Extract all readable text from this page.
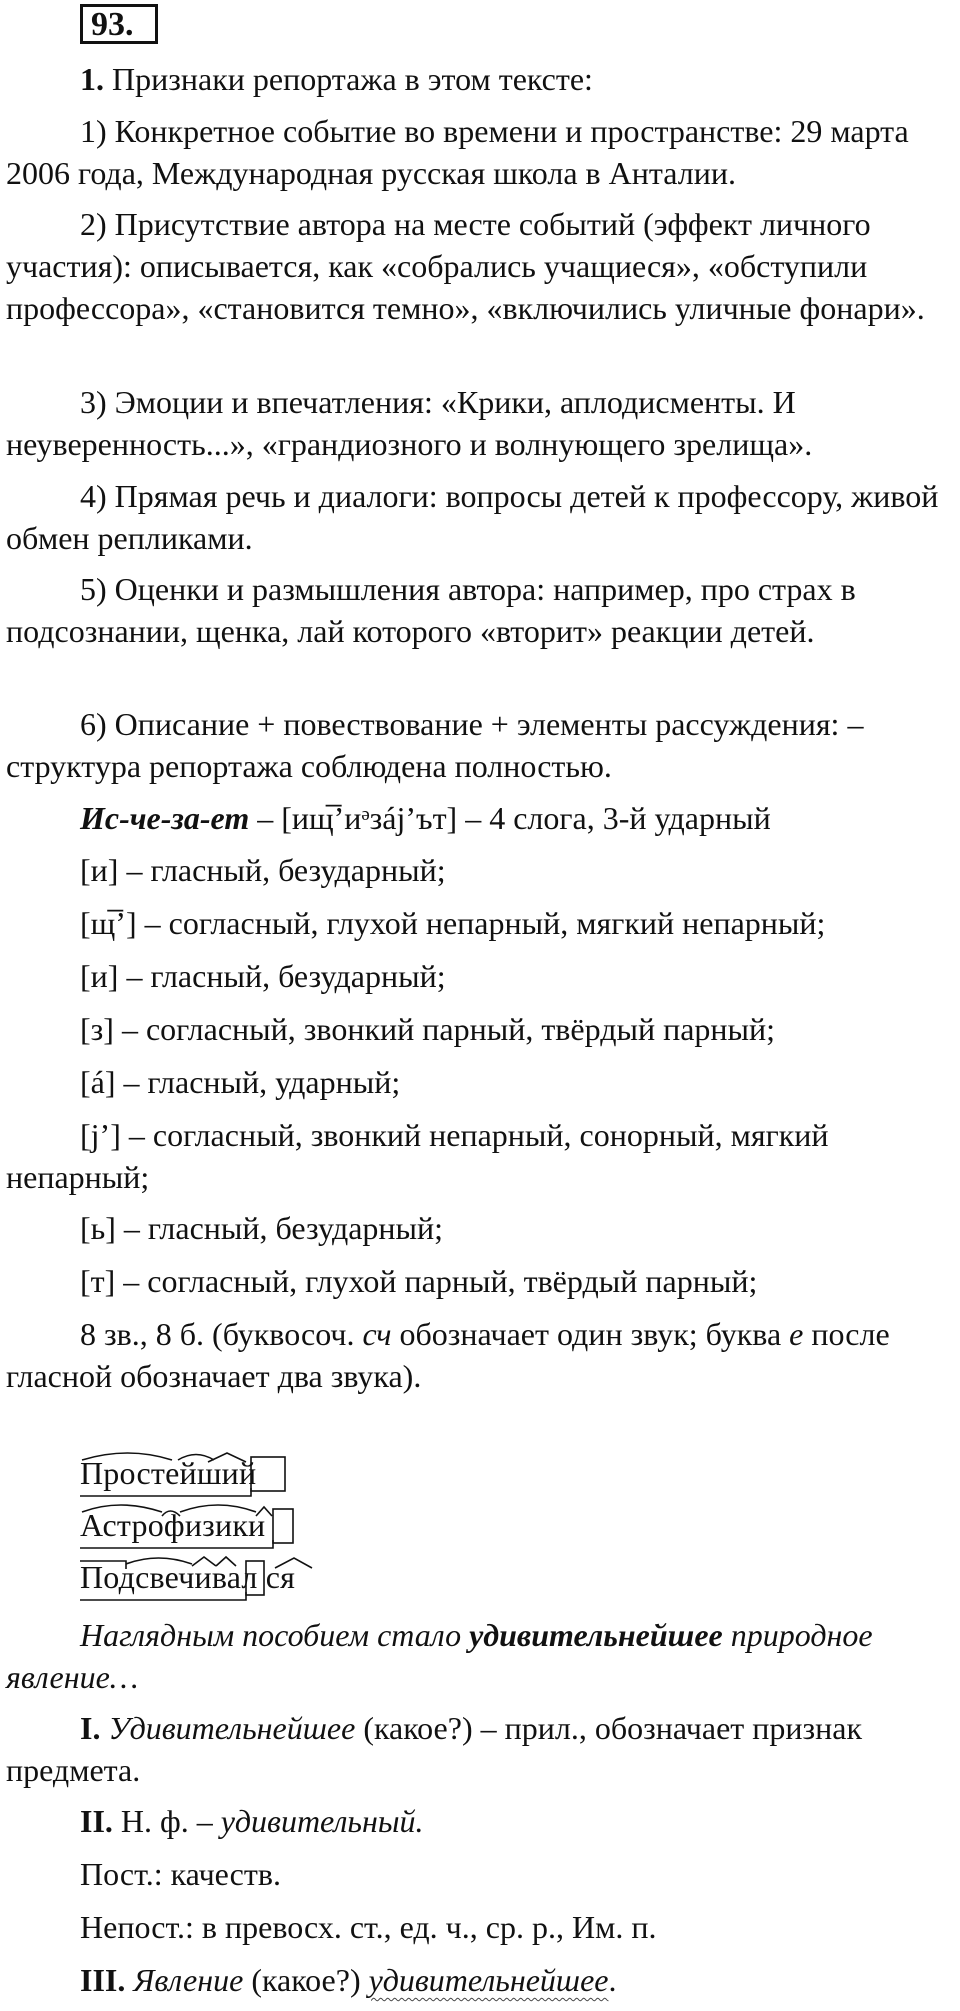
93.

1. Признаки репортажа в этом тексте:

1) Конкретное событие во времени и пространстве: 29 марта 2006 года, Международная русская школа в Анталии.

2) Присутствие автора на месте событий (эффект личного участия): описывается, как «собрались учащиеся», «обступили профессора», «становится темно», «включились уличные фонари».

3) Эмоции и впечатления: «Крики, аплодисменты. И неуверенность...», «грандиозного и волнующего зрелища».

4) Прямая речь и диалоги: вопросы детей к профессору, живой обмен репликами.

5) Оценки и размышления автора: например, про страх в подсознании, щенка, лай которого «вторит» реакции детей.

6) Описание + повествование + элементы рассуждения: – структура репортажа соблюдена полностью.

Ис-че-за-ет – [ищ̅’иᵊзáj’ът] – 4 слога, 3-й ударный

[и] – гласный, безударный;

[щ̅’] – согласный, глухой непарный, мягкий непарный;

[и] – гласный, безударный;

[з] – согласный, звонкий парный, твёрдый парный;

[á] – гласный, ударный;

[j’] – согласный, звонкий непарный, сонорный, мягкий непарный;

[ь] – гласный, безударный;

[т] – согласный, глухой парный, твёрдый парный;

8 зв., 8 б. (буквосоч. сч обозначает один звук; буква е после гласной обозначает два звука).

Простейший
Астрофизики
Подсвечивал ся

Наглядным пособием стало удивительнейшее природное явление…

I. Удивительнейшее (какое?) – прил., обозначает признак предмета.

II. Н. ф. – удивительный.

Пост.: качеств.

Непост.: в превосх. ст., ед. ч., ср. р., Им. п.

III. Явление (какое?) удивительнейшее.
